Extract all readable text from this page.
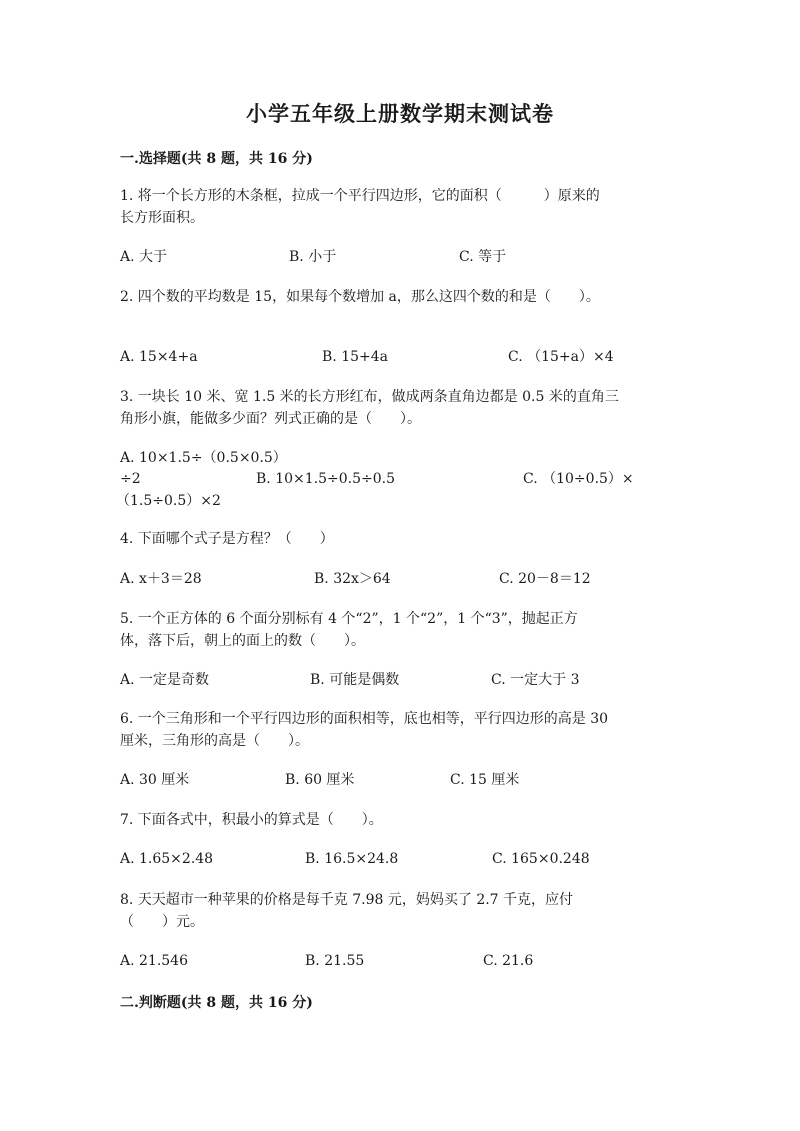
小学五年级上册数学期末测试卷
一.选择题(共 8 题，共 16 分)
1. 将一个长方形的木条框，拉成一个平行四边形，它的面积（　　　）原来的
长方形面积。
A. 大于	B. 小于	C. 等于
2. 四个数的平均数是 15，如果每个数增加 a，那么这四个数的和是（　　）。
A. 15×4+a	B. 15+4a	C. （15+a）×4
3. 一块长 10 米、宽 1.5 米的长方形红布，做成两条直角边都是 0.5 米的直角三
角形小旗，能做多少面？列式正确的是（　　）。
A. 10×1.5÷（0.5×0.5）
÷2	B. 10×1.5÷0.5÷0.5	C. （10÷0.5）×
（1.5÷0.5）×2
4. 下面哪个式子是方程？（　　）
A. x＋3＝28	B. 32x＞64	C. 20－8＝12
5. 一个正方体的 6 个面分别标有 4 个“2”，1 个“2”，1 个“3”，抛起正方
体，落下后，朝上的面上的数（　　）。
A. 一定是奇数	B. 可能是偶数	C. 一定大于 3
6. 一个三角形和一个平行四边形的面积相等，底也相等，平行四边形的高是 30
厘米，三角形的高是（　　）。
A. 30 厘米	B. 60 厘米	C. 15 厘米
7. 下面各式中，积最小的算式是（　　）。
A. 1.65×2.48	B. 16.5×24.8	C. 165×0.248
8. 天天超市一种苹果的价格是每千克 7.98 元，妈妈买了 2.7 千克，应付
（　　）元。
A. 21.546	B. 21.55	C. 21.6
二.判断题(共 8 题，共 16 分)
